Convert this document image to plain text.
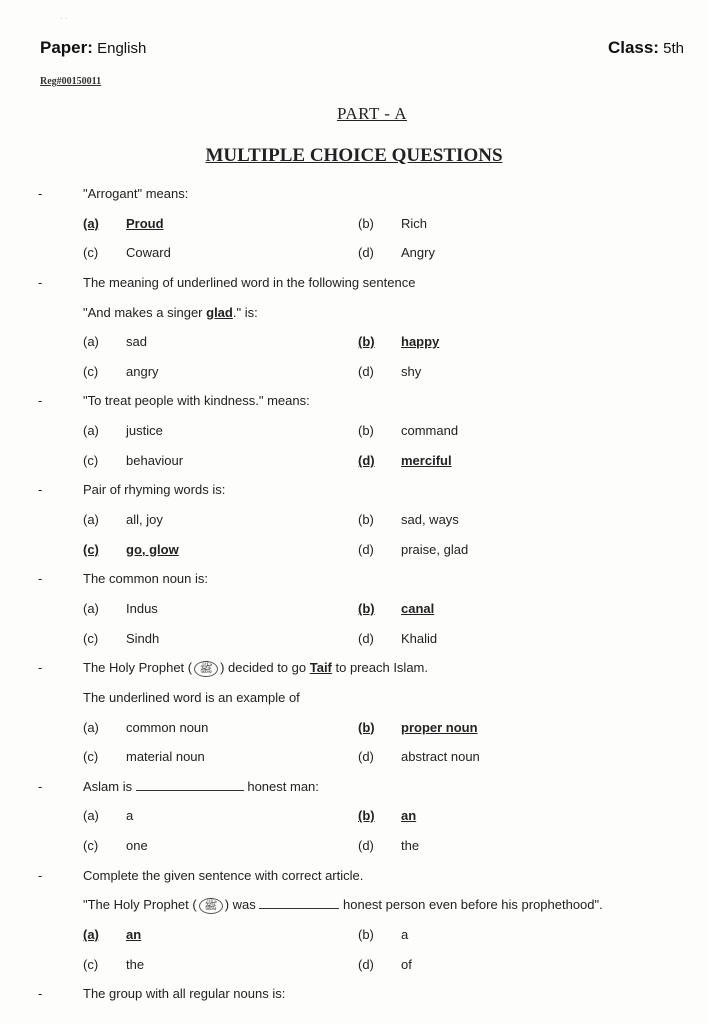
· ·
Paper: English	Class: 5th
Reg#00150011
PART - A
MULTIPLE CHOICE QUESTIONS
-	"Arrogant" means:
(a) Proud	(b) Rich
(c) Coward	(d) Angry
-	The meaning of underlined word in the following sentence
"And makes a singer glad." is:
(a) sad	(b) happy
(c) angry	(d) shy
-	"To treat people with kindness." means:
(a) justice	(b) command
(c) behaviour	(d) merciful
-	Pair of rhyming words is:
(a) all, joy	(b) sad, ways
(c) go, glow	(d) praise, glad
-	The common noun is:
(a) Indus	(b) canal
(c) Sindh	(d) Khalid
-	The Holy Prophet ( ﷺ ) decided to go Taif to preach Islam.
The underlined word is an example of
(a) common noun	(b) proper noun
(c) material noun	(d) abstract noun
-	Aslam is	honest man:
(a) a	(b) an
(c) one	(d) the
-	Complete the given sentence with correct article.
"The Holy Prophet ( ﷺ ) was	honest person even before his prophethood".
(a) an	(b) a
(c) the	(d) of
-	The group with all regular nouns is:
